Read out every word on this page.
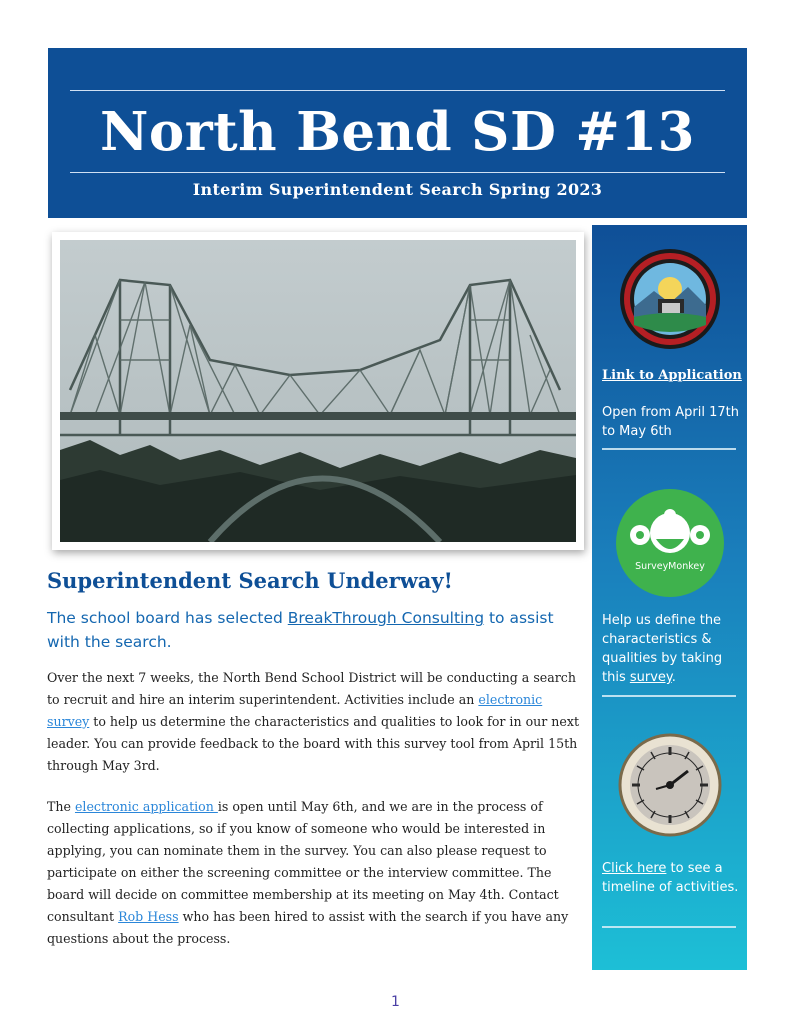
North Bend SD #13
Interim Superintendent Search Spring 2023
Link to Application
Open from April 17th to May 6th
SurveyMonkey
Help us define the characteristics & qualities by taking this survey.
Click here to see a timeline of activities.
Superintendent Search Underway!
The school board has selected BreakThrough Consulting to assist with the search.
Over the next 7 weeks, the North Bend School District will be conducting a search to recruit and hire an interim superintendent. Activities include an electronic survey to help us determine the characteristics and qualities to look for in our next leader. You can provide feedback to the board with this survey tool from April 15th through May 3rd.
The electronic application is open until May 6th, and we are in the process of collecting applications, so if you know of someone who would be interested in applying, you can nominate them in the survey. You can also please request to participate on either the screening committee or the interview committee. The board will decide on committee membership at its meeting on May 4th. Contact consultant Rob Hess who has been hired to assist with the search if you have any questions about the process.
1
